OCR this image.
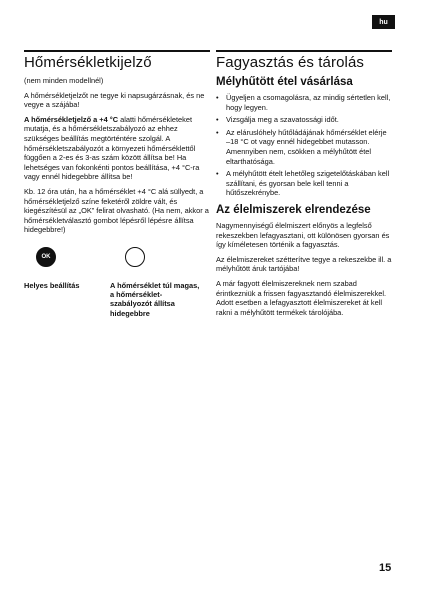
hu
Hőmérsékletkijelző

(nem minden modellnél)

A hőmérsékletjelzőt ne tegye ki napsugárzásnak, és ne vegye a szájába!

A hőmérsékletjelző a +4 °C alatti hőmérsékleteket mutatja, és a hőmérsékletszabályozó az ehhez szükséges beállítás megtörténtére szolgál. A hőmérsékletszabályozót a környezeti hőmérséklettől függően a 2-es és 3-as szám között állítsa be! Ha lehetséges van fokonkénti pontos beállítása, +4 °C-ra vagy ennél hidegebbre állítsa be!

Kb. 12 óra után, ha a hőmérséklet +4 °C alá süllyedt, a hőmérsékletjelző színe feketéről zöldre vált, és kiegészítésül az „OK” felirat olvasható. (Ha nem, akkor a hőmérsékletválasztó gombot lépésről lépésre állítsa hidegebbre!)

OK
Helyes beállítás	A hőmérséklet túl magas, a hőmérséklet-szabályozót állítsa hidegebbre
Fagyasztás és tárolás
Mélyhűtött étel vásárlása
• Ügyeljen a csomagolásra, az mindig sértetlen kell, hogy legyen.
• Vizsgálja meg a szavatossági időt.
• Az eláruslóhely hűtőládájának hőmérséklet elérje –18 °C ot vagy ennél hidegebbet mutasson. Amennyiben nem, csökken a mélyhűtött étel eltarthatósága.
• A mélyhűtött ételt lehetőleg szigetelőtáskában kell szállítani, és gyorsan bele kell tenni a hűtőszekrénybe.
Az élelmiszerek elrendezése

Nagymennyiségű élelmiszert előnyös a legfelső rekeszekben lefagyasztani, ott különösen gyorsan és így kíméletesen történik a fagyasztás.

Az élelmiszereket szétterítve tegye a rekeszekbe ill. a mélyhűtött áruk tartójába!

A már fagyott élelmiszereknek nem szabad érintkezniük a frissen fagyasztandó élelmiszerekkel. Adott esetben a lefagyasztott élelmiszereket át kell rakni a mélyhűtött termékek tárolójába.

15
